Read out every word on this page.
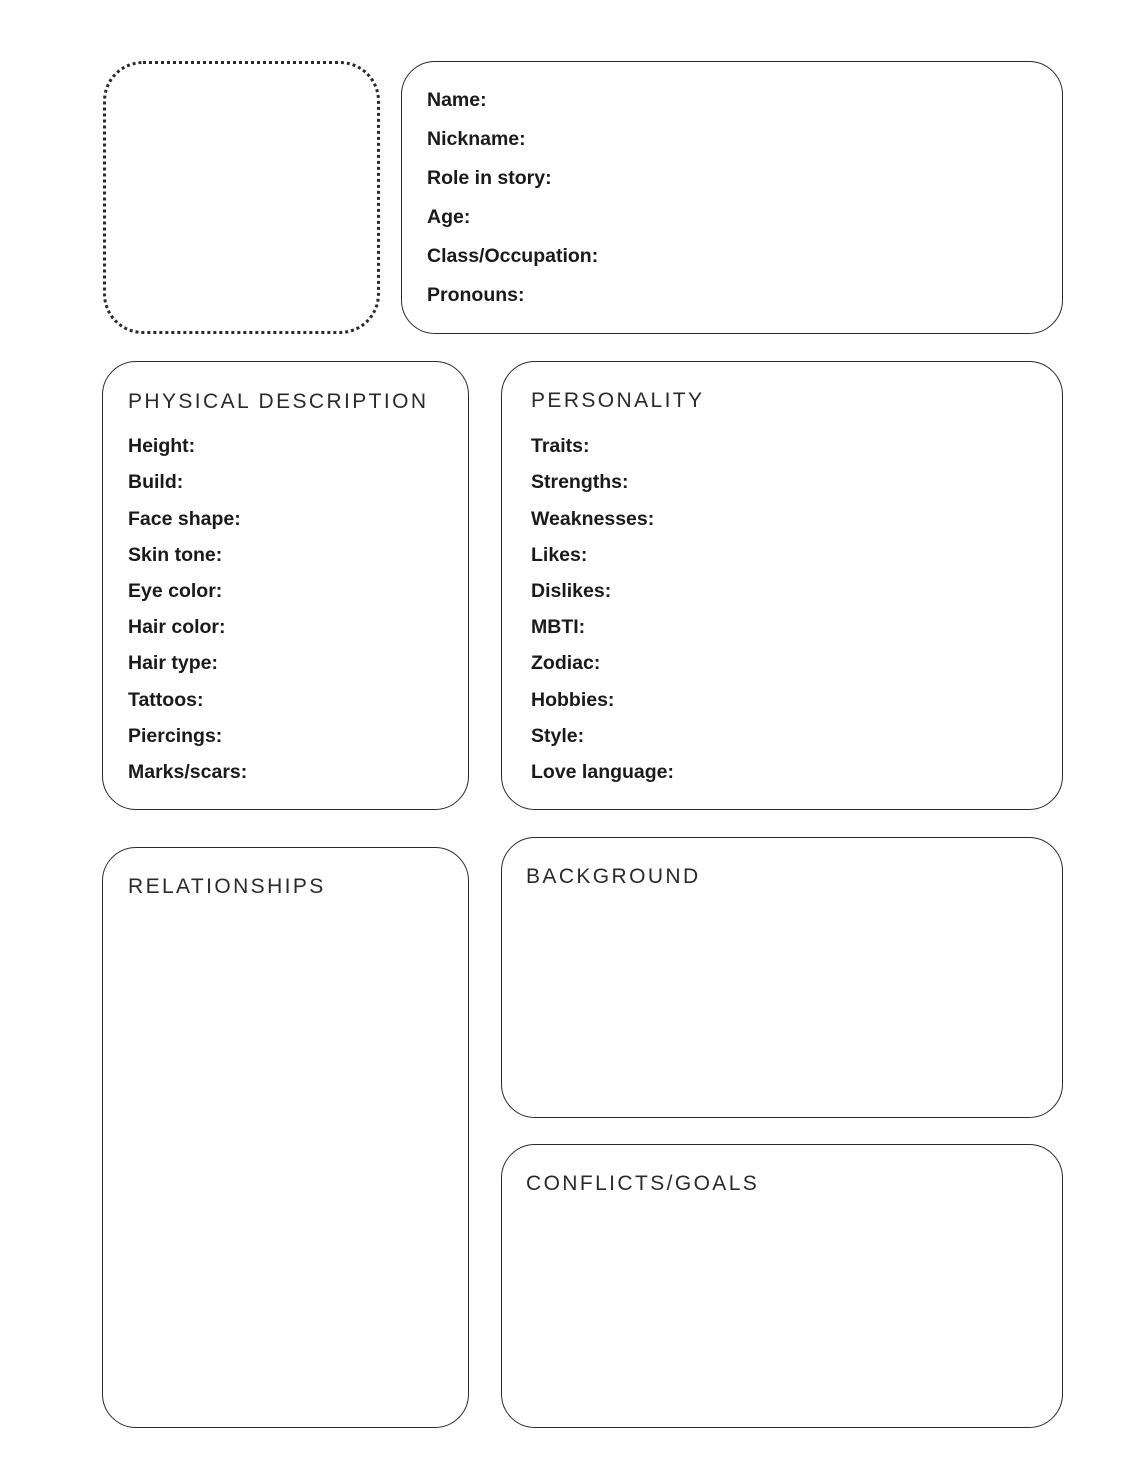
Name:
Nickname:
Role in story:
Age:
Class/Occupation:
Pronouns:
PHYSICAL DESCRIPTION
Height:
Build:
Face shape:
Skin tone:
Eye color:
Hair color:
Hair type:
Tattoos:
Piercings:
Marks/scars:
PERSONALITY
Traits:
Strengths:
Weaknesses:
Likes:
Dislikes:
MBTI:
Zodiac:
Hobbies:
Style:
Love language:
RELATIONSHIPS	BACKGROUND
CONFLICTS/GOALS
